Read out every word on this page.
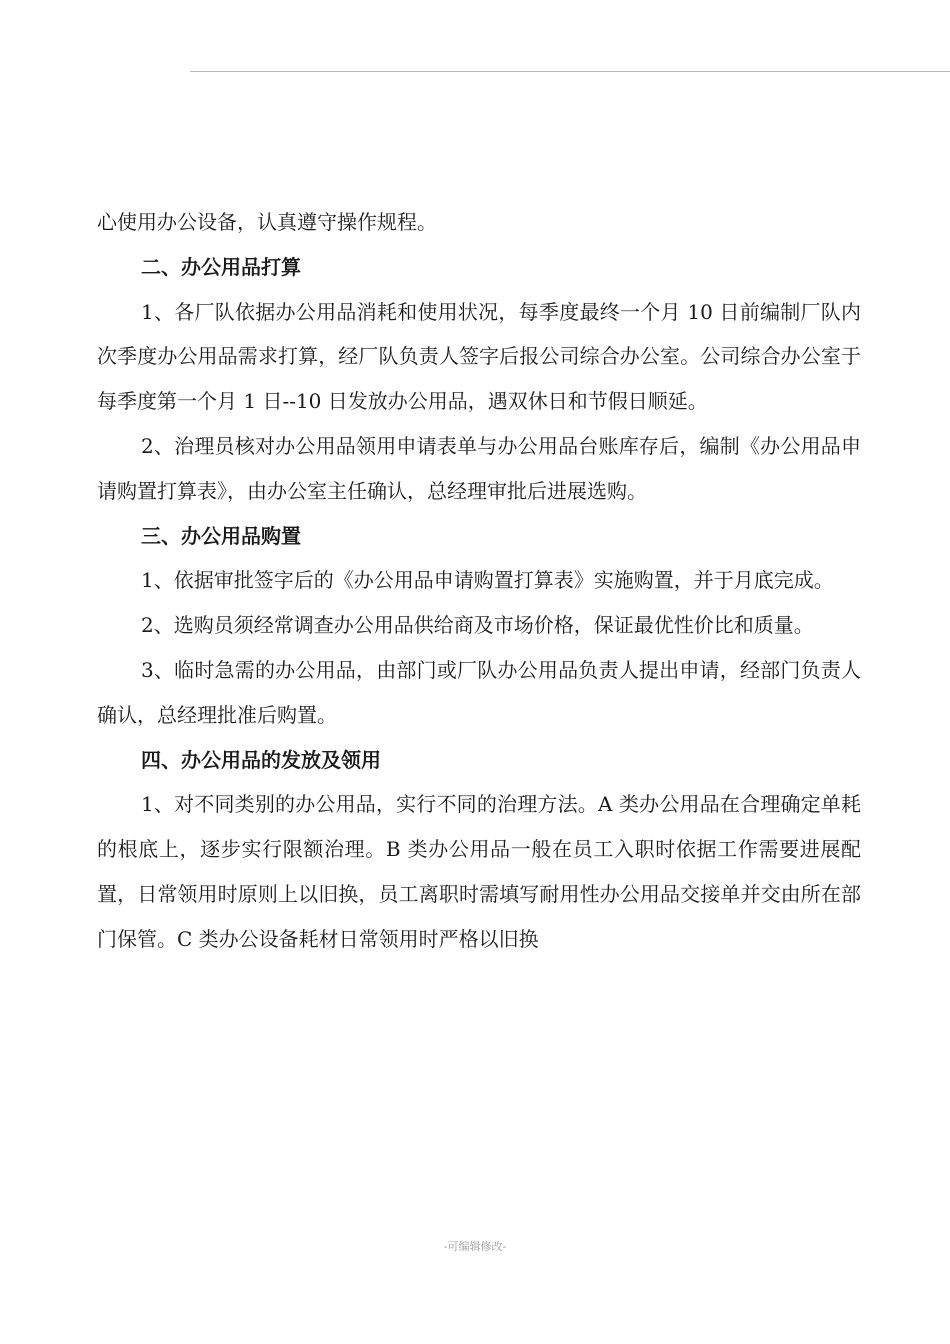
心使用办公设备，认真遵守操作规程。

二、办公用品打算

1、各厂队依据办公用品消耗和使用状况，每季度最终一个月 10 日前编制厂队内次季度办公用品需求打算，经厂队负责人签字后报公司综合办公室。公司综合办公室于每季度第一个月 1 日--10 日发放办公用品，遇双休日和节假日顺延。

2、治理员核对办公用品领用申请表单与办公用品台账库存后，编制《办公用品申请购置打算表》，由办公室主任确认，总经理审批后进展选购。

三、办公用品购置

1、依据审批签字后的《办公用品申请购置打算表》实施购置，并于月底完成。

2、选购员须经常调查办公用品供给商及市场价格，保证最优性价比和质量。

3、临时急需的办公用品，由部门或厂队办公用品负责人提出申请，经部门负责人确认，总经理批准后购置。

四、办公用品的发放及领用

1、对不同类别的办公用品，实行不同的治理方法。A 类办公用品在合理确定单耗的根底上，逐步实行限额治理。B 类办公用品一般在员工入职时依据工作需要进展配置，日常领用时原则上以旧换，员工离职时需填写耐用性办公用品交接单并交由所在部门保管。C 类办公设备耗材日常领用时严格以旧换

-可编辑修改-
